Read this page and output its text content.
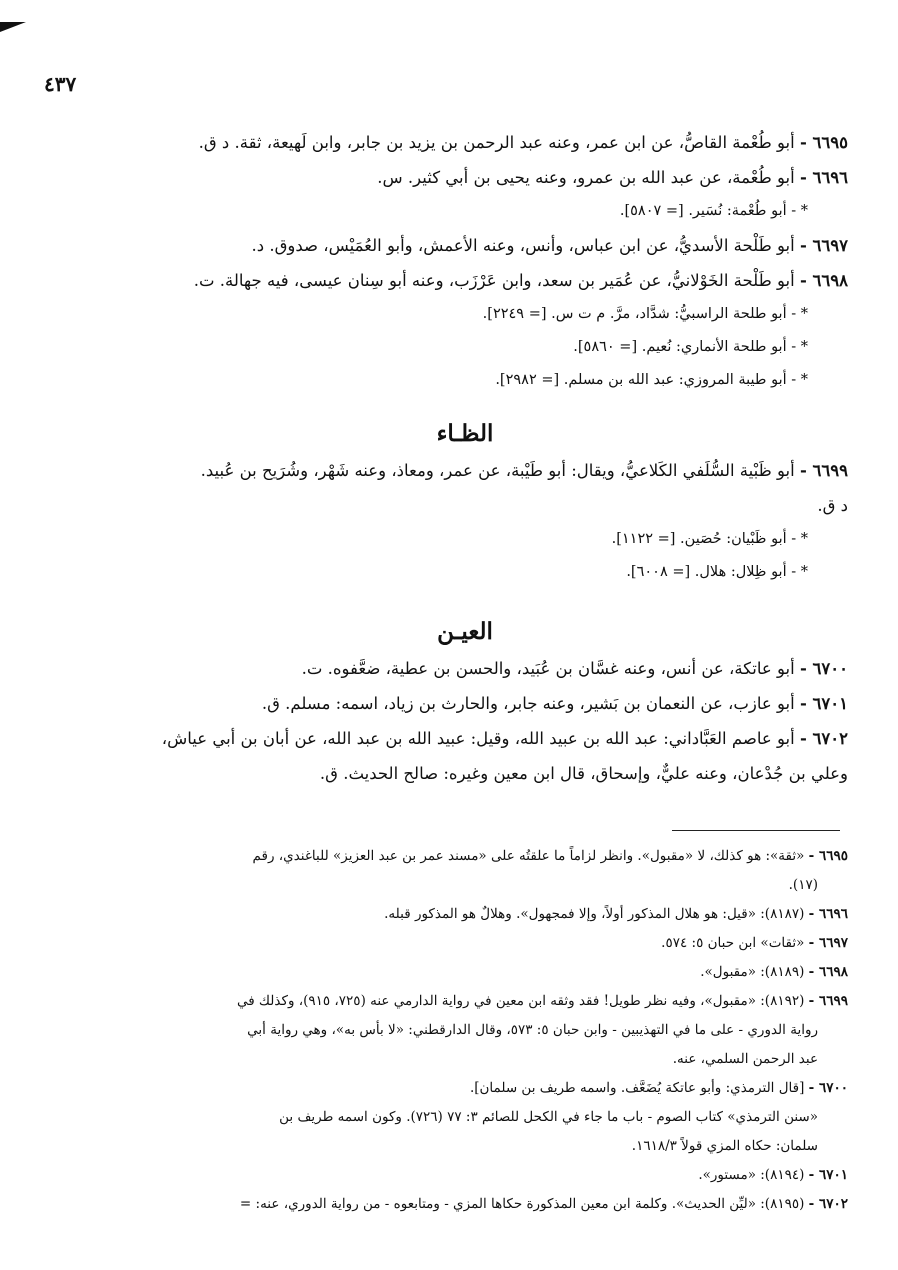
٤٣٧

٦٦٩٥ - أبو طُعْمة القاصُّ، عن ابن عمر، وعنه عبد الرحمن بن يزيد بن جابر، وابن لَهيعة، ثقة. د ق.

٦٦٩٦ - أبو طُعْمة، عن عبد الله بن عمرو، وعنه يحيى بن أبي كثير. س.

* - أبو طُعْمة: نُسَير. [= ٥٨٠٧].

٦٦٩٧ - أبو طَلْحة الأسديُّ، عن ابن عباس، وأنس، وعنه الأعمش، وأبو العُمَيْس، صدوق. د.

٦٦٩٨ - أبو طَلْحة الخَوْلانيُّ، عن عُمَير بن سعد، وابن عَرْزَب، وعنه أبو سِنان عيسى، فيه جهالة. ت.

* - أبو طلحة الراسبيُّ: شدَّاد، مرَّ. م ت س. [= ٢٢٤٩].

* - أبو طلحة الأنماري: نُعيم. [= ٥٨٦٠].

* - أبو طيبة المروزي: عبد الله بن مسلم. [= ٢٩٨٢].

الظـاء

٦٦٩٩ - أبو ظَبْية السُّلَفي الكَلاعيُّ، ويقال: أبو طَيْبة، عن عمر، ومعاذ، وعنه شَهْر، وشُرَيح بن عُبيد.
د ق.

* - أبو ظَبْيان: حُصَين. [= ١١٢٢].

* - أبو ظِلال: هلال. [= ٦٠٠٨].

العيـن

٦٧٠٠ - أبو عاتكة، عن أنس، وعنه غسَّان بن عُبَيد، والحسن بن عطية، ضعَّفوه. ت.

٦٧٠١ - أبو عازب، عن النعمان بن بَشير، وعنه جابر، والحارث بن زياد، اسمه: مسلم. ق.

٦٧٠٢ - أبو عاصم العَبَّاداني: عبد الله بن عبيد الله، وقيل: عبيد الله بن عبد الله، عن أبان بن أبي عياش،
وعلي بن جُدْعان، وعنه عليٌّ، وإسحاق، قال ابن معين وغيره: صالح الحديث. ق.

٦٦٩٥ - «ثقة»: هو كذلك، لا «مقبول». وانظر لزاماً ما علقتُه على «مسند عمر بن عبد العزيز» للباغندي، رقم
(١٧).

٦٦٩٦ - (٨١٨٧): «قيل: هو هلال المذكور أولاً، وإلا فمجهول». وهلالٌ هو المذكور قبله.

٦٦٩٧ - «ثقات» ابن حبان ٥: ٥٧٤.

٦٦٩٨ - (٨١٨٩): «مقبول».

٦٦٩٩ - (٨١٩٢): «مقبول»، وفيه نظر طويل! فقد وثقه ابن معين في رواية الدارمي عنه (٧٢٥، ٩١٥)، وكذلك في
رواية الدوري - على ما في التهذيبين - وابن حبان ٥: ٥٧٣، وقال الدارقطني: «لا بأس به»، وهي رواية أبي
عبد الرحمن السلمي، عنه.

٦٧٠٠ - [قال الترمذي: وأبو عاتكة يُضَعَّف. واسمه طريف بن سلمان].
«سنن الترمذي» كتاب الصوم - باب ما جاء في الكحل للصائم ٣: ٧٧ (٧٢٦). وكون اسمه طريف بن
سلمان: حكاه المزي قولاً ١٦١٨/٣.

٦٧٠١ - (٨١٩٤): «مستور».

٦٧٠٢ - (٨١٩٥): «ليِّن الحديث». وكلمة ابن معين المذكورة حكاها المزي - ومتابعوه - من رواية الدوري، عنه: =
